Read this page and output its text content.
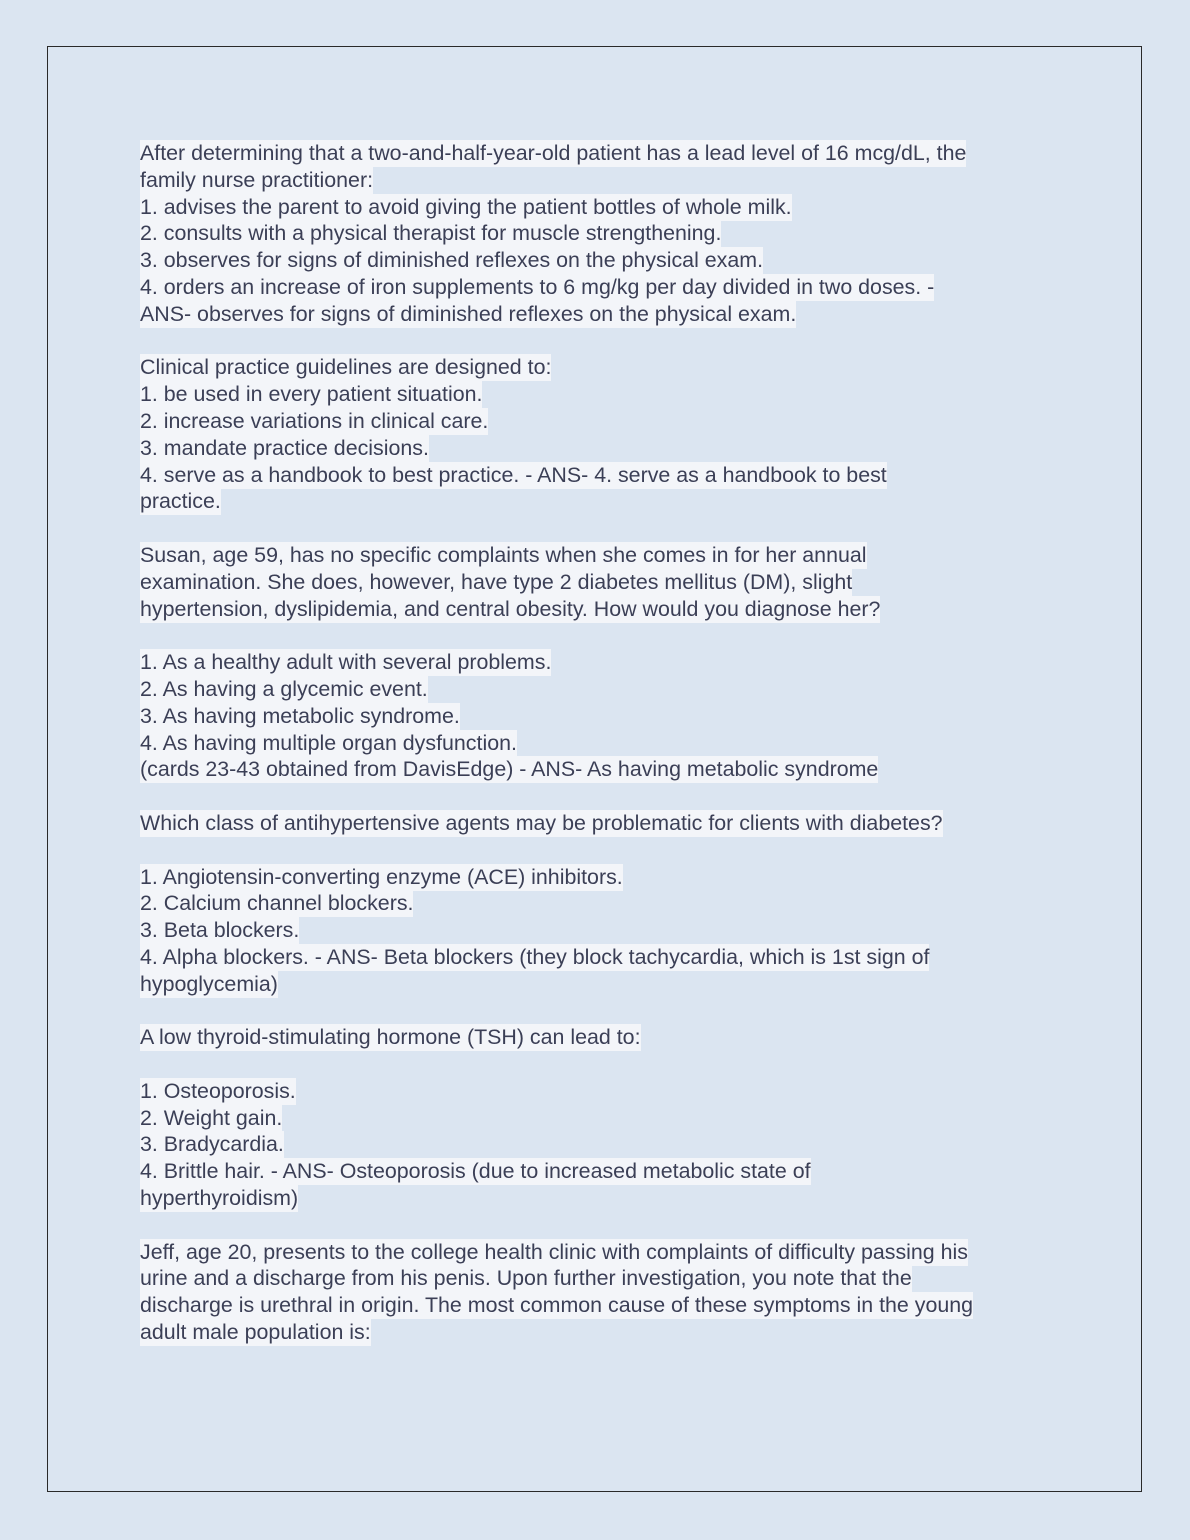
After determining that a two-and-half-year-old patient has a lead level of 16 mcg/dL, the
family nurse practitioner:
1. advises the parent to avoid giving the patient bottles of whole milk.
2. consults with a physical therapist for muscle strengthening.
3. observes for signs of diminished reflexes on the physical exam.
4. orders an increase of iron supplements to 6 mg/kg per day divided in two doses. -
ANS- observes for signs of diminished reflexes on the physical exam.
Clinical practice guidelines are designed to:
1. be used in every patient situation.
2. increase variations in clinical care.
3. mandate practice decisions.
4. serve as a handbook to best practice. - ANS- 4. serve as a handbook to best
practice.
Susan, age 59, has no specific complaints when she comes in for her annual
examination. She does, however, have type 2 diabetes mellitus (DM), slight
hypertension, dyslipidemia, and central obesity. How would you diagnose her?
1. As a healthy adult with several problems.
2. As having a glycemic event.
3. As having metabolic syndrome.
4. As having multiple organ dysfunction.
(cards 23-43 obtained from DavisEdge) - ANS- As having metabolic syndrome
Which class of antihypertensive agents may be problematic for clients with diabetes?
1. Angiotensin-converting enzyme (ACE) inhibitors.
2. Calcium channel blockers.
3. Beta blockers.
4. Alpha blockers. - ANS- Beta blockers (they block tachycardia, which is 1st sign of
hypoglycemia)
A low thyroid-stimulating hormone (TSH) can lead to:
1. Osteoporosis.
2. Weight gain.
3. Bradycardia.
4. Brittle hair. - ANS- Osteoporosis (due to increased metabolic state of
hyperthyroidism)
Jeff, age 20, presents to the college health clinic with complaints of difficulty passing his
urine and a discharge from his penis. Upon further investigation, you note that the
discharge is urethral in origin. The most common cause of these symptoms in the young
adult male population is:
